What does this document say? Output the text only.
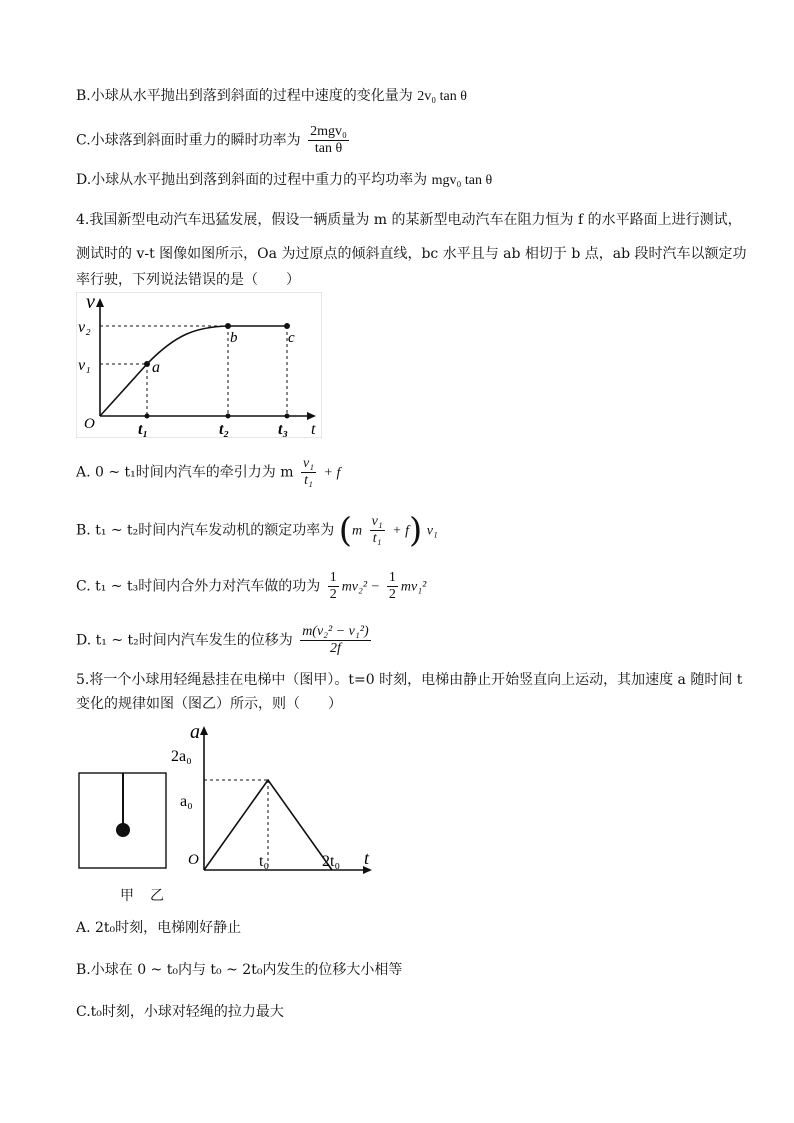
B.小球从水平抛出到落到斜面的过程中速度的变化量为 2v₀ tan θ
C.小球落到斜面时重力的瞬时功率为 $\frac{\text{2mgv₀}}{\text{tan θ}}$
D.小球从水平抛出到落到斜面的过程中重力的平均功率为 mgv₀ tan θ
4.我国新型电动汽车迅猛发展，假设一辆质量为 m 的某新型电动汽车在阻力恒为 f 的水平路面上进行测试，
测试时的 v-t 图像如图所示，Oa 为过原点的倾斜直线，bc 水平且与 ab 相切于 b 点，ab 段时汽车以额定功
率行驶，下列说法错误的是（　　）
v
v₂
v₁
O	t₁	t₂	t₃ t
a
b	c
A. 0 ~ t₁时间内汽车的牵引力为 m $\frac{\text{v₁}}{\text{t₁}} + f$
B. t₁ ~ t₂时间内汽车发动机的额定功率为 $(m \frac{\text{v₁}}{\text{t₁}} + f)$ v₁
C. t₁ ~ t₃时间内合外力对汽车做的功为 $\frac{1}{2} mv_2^2 - \frac{1}{2} mv_1^2$
D. t₁ ~ t₂时间内汽车发生的位移为 $\frac{\text{m(v₂² − v₁²)}}{2f}$
5.将一个小球用轻绳悬挂在电梯中（图甲）。t=0 时刻，电梯由静止开始竖直向上运动，其加速度 a 随时间 t
变化的规律如图（图乙）所示，则（　　）
a
2a₀
a₀
O	t₀	2t₀ t
甲 乙
A. 2t₀时刻，电梯刚好静止
B.小球在 0 ~ t₀内与 t₀ ~ 2t₀内发生的位移大小相等
C.t₀时刻，小球对轻绳的拉力最大
